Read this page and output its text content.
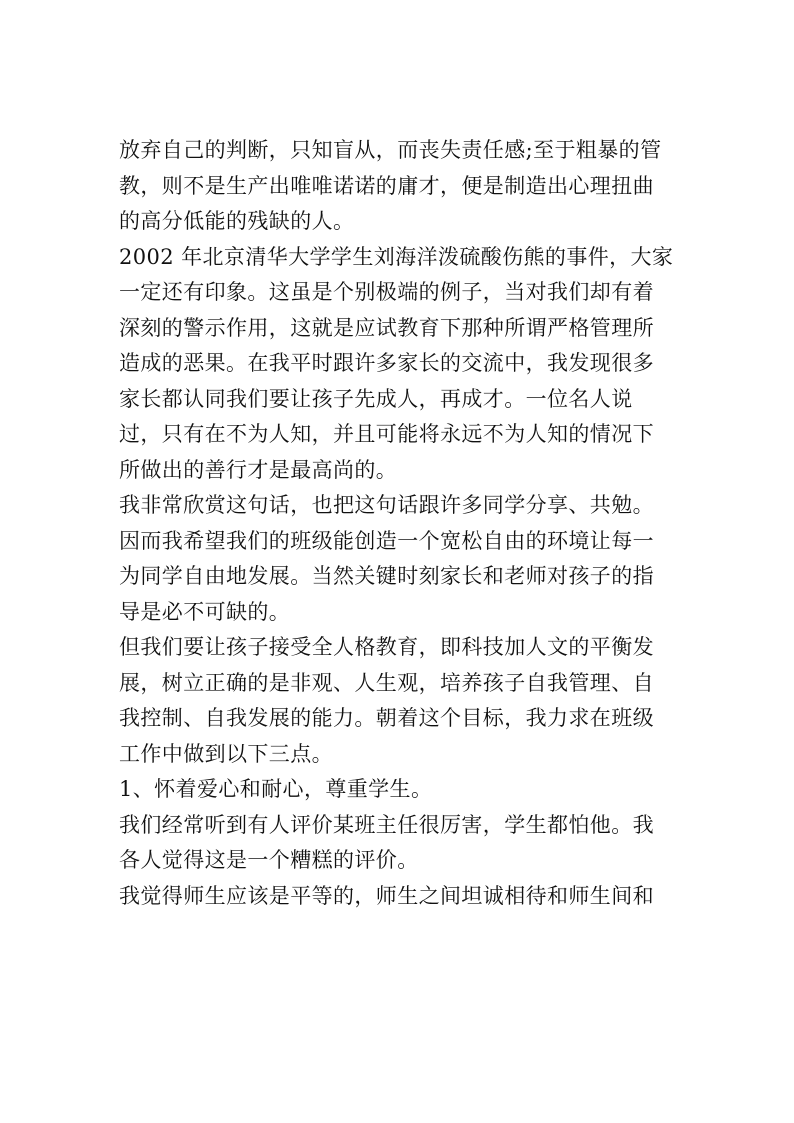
放弃自己的判断，只知盲从，而丧失责任感;至于粗暴的管
教，则不是生产出唯唯诺诺的庸才，便是制造出心理扭曲
的高分低能的残缺的人。
2002 年北京清华大学学生刘海洋泼硫酸伤熊的事件，大家
一定还有印象。这虽是个别极端的例子，当对我们却有着
深刻的警示作用，这就是应试教育下那种所谓严格管理所
造成的恶果。在我平时跟许多家长的交流中，我发现很多
家长都认同我们要让孩子先成人，再成才。一位名人说
过，只有在不为人知，并且可能将永远不为人知的情况下
所做出的善行才是最高尚的。
我非常欣赏这句话，也把这句话跟许多同学分享、共勉。
因而我希望我们的班级能创造一个宽松自由的环境让每一
为同学自由地发展。当然关键时刻家长和老师对孩子的指
导是必不可缺的。
但我们要让孩子接受全人格教育，即科技加人文的平衡发
展，树立正确的是非观、人生观，培养孩子自我管理、自
我控制、自我发展的能力。朝着这个目标，我力求在班级
工作中做到以下三点。
1、怀着爱心和耐心，尊重学生。
我们经常听到有人评价某班主任很厉害，学生都怕他。我
各人觉得这是一个糟糕的评价。
我觉得师生应该是平等的，师生之间坦诚相待和师生间和
